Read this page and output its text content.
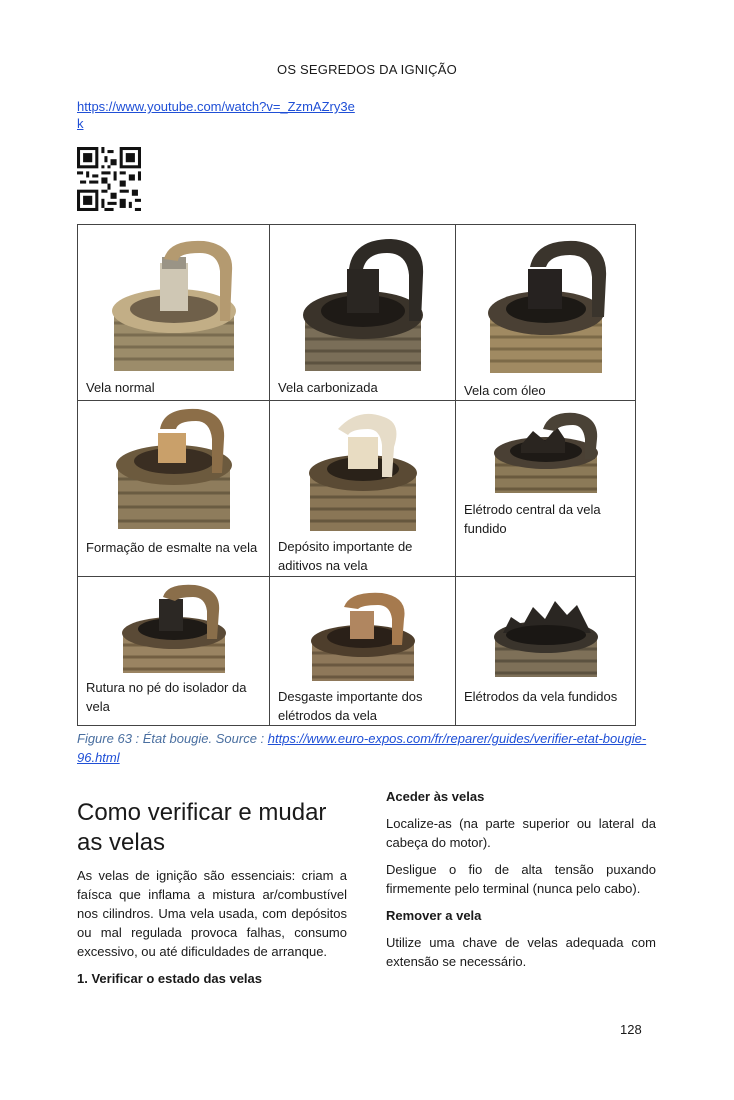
OS SEGREDOS DA IGNIÇÃO
https://www.youtube.com/watch?v=_ZzmAZry3ek
Vela normal	Vela carbonizada	Vela com óleo

Formação de esmalte na vela	Depósito importante de aditivos na vela	Elétrodo central da vela fundido

Rutura no pé do isolador da vela	Desgaste importante dos elétrodos da vela	Elétrodos da vela fundidos
Figure 63 : État bougie. Source : https://www.euro-expos.com/fr/reparer/guides/verifier-etat-bougie-96.html
Como verificar e mudar as velas

As velas de ignição são essenciais: criam a faísca que inflama a mistura ar/combustível nos cilindros. Uma vela usada, com depósitos ou mal regulada provoca falhas, consumo excessivo, ou até dificuldades de arranque.

1. Verificar o estado das velas
Aceder às velas

Localize-as (na parte superior ou lateral da cabeça do motor).

Desligue o fio de alta tensão puxando firmemente pelo terminal (nunca pelo cabo).

Remover a vela

Utilize uma chave de velas adequada com extensão se necessário.

128
